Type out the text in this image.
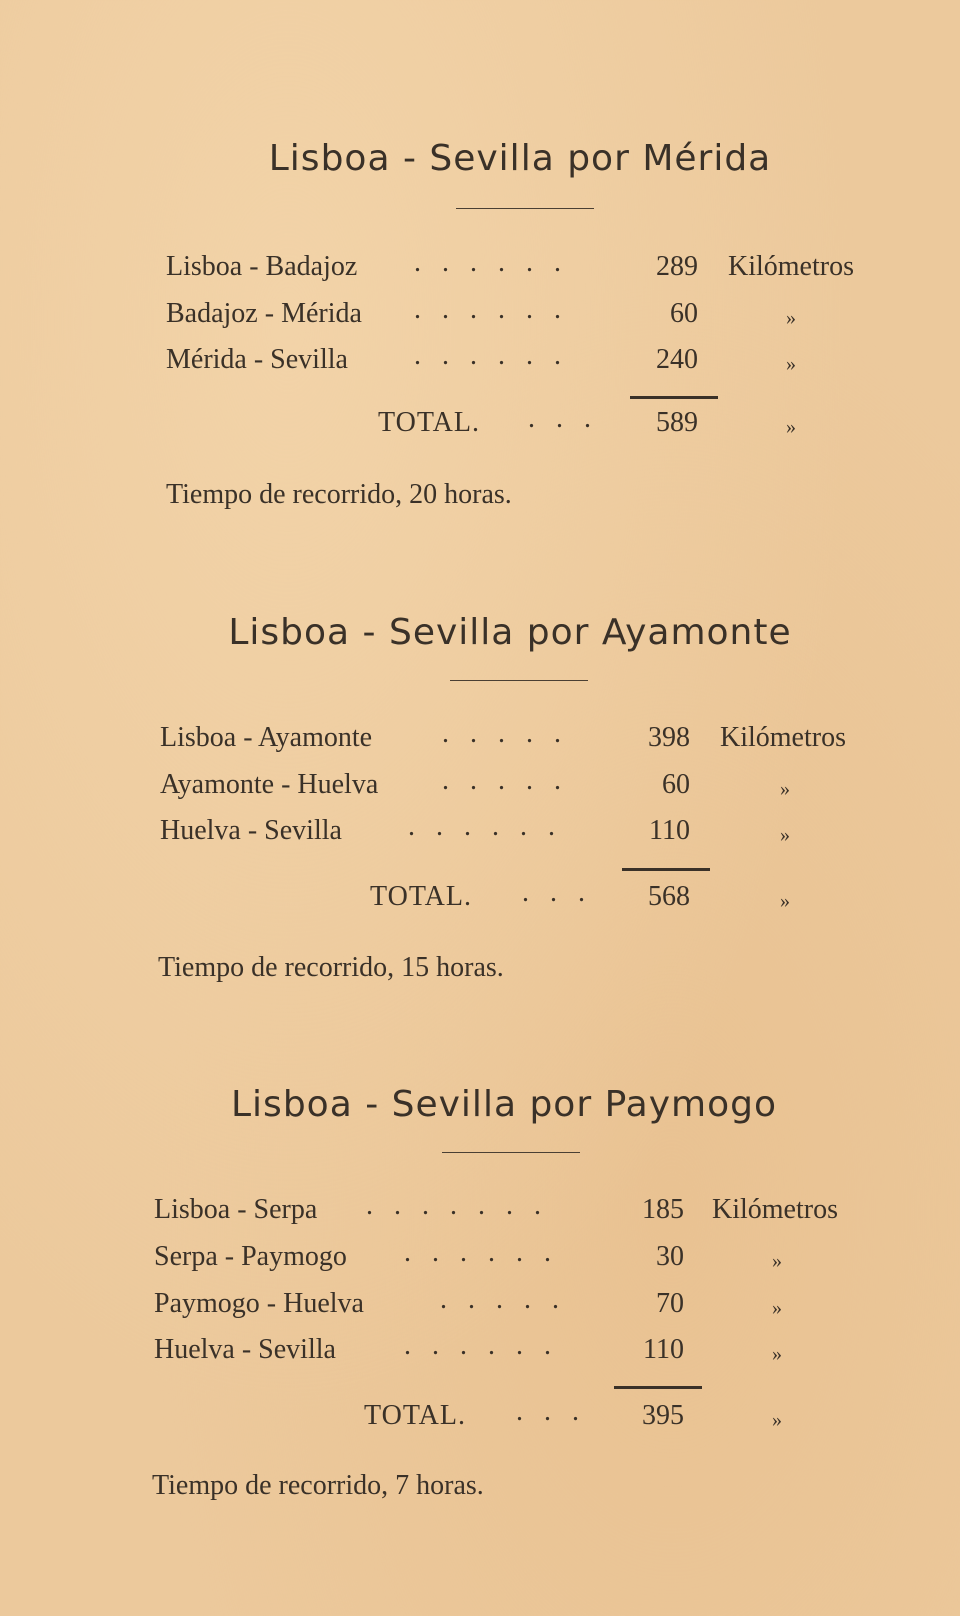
Lisboa - Sevilla por Mérida
Lisboa - Badajoz .   .   .   .   .   .	289 Kilómetros
Badajoz - Mérida .   .   .   .   .   .	60	»
Mérida - Sevilla .   .   .   .   .   .	240	»
TOTAL. .   .   .	589	»
Tiempo de recorrido, 20 horas.
Lisboa - Sevilla por Ayamonte
Lisboa - Ayamonte .   .   .   .   .	398 Kilómetros
Ayamonte - Huelva .   .   .   .   .	60	»
Huelva - Sevilla .   .   .   .   .   .	110	»
TOTAL. .   .   .	568	»
Tiempo de recorrido, 15 horas.
Lisboa - Sevilla por Paymogo
Lisboa - Serpa .   .   .   .   .   .   .	185 Kilómetros
Serpa - Paymogo .   .   .   .   .   .	30	»
Paymogo - Huelva	.   .   .   .   .	70	»
Huelva - Sevilla .   .   .   .   .   .	110	»
TOTAL. .   .   .	395	»
Tiempo de recorrido, 7 horas.
